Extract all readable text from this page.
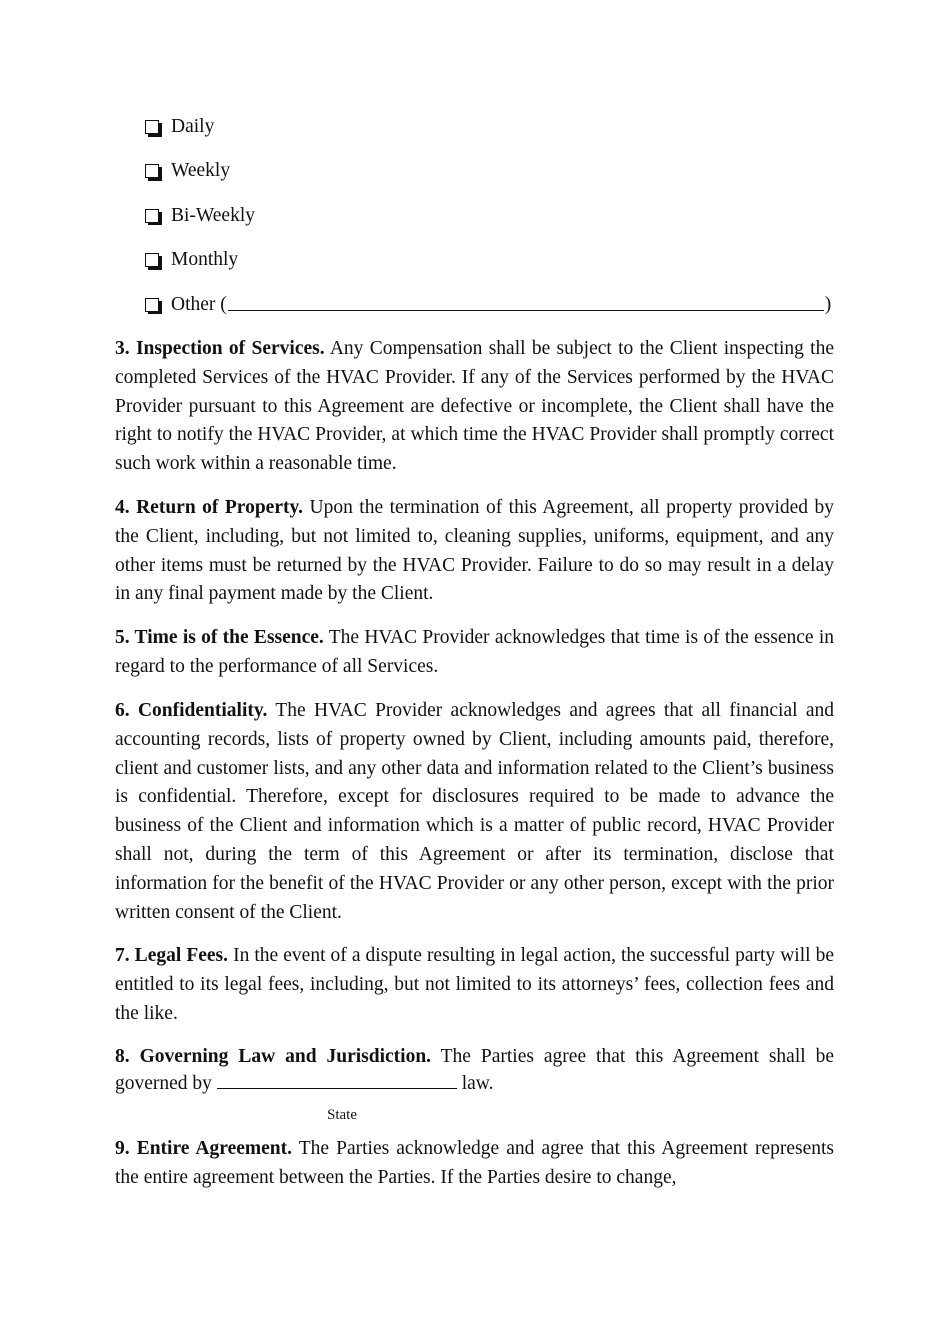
Daily
Weekly
Bi-Weekly
Monthly
Other (	)

3. Inspection of Services. Any Compensation shall be subject to the Client inspecting the completed Services of the HVAC Provider. If any of the Services performed by the HVAC Provider pursuant to this Agreement are defective or incomplete, the Client shall have the right to notify the HVAC Provider, at which time the HVAC Provider shall promptly correct such work within a reasonable time.

4. Return of Property. Upon the termination of this Agreement, all property provided by the Client, including, but not limited to, cleaning supplies, uniforms, equipment, and any other items must be returned by the HVAC Provider. Failure to do so may result in a delay in any final payment made by the Client.

5. Time is of the Essence. The HVAC Provider acknowledges that time is of the essence in regard to the performance of all Services.

6. Confidentiality. The HVAC Provider acknowledges and agrees that all financial and accounting records, lists of property owned by Client, including amounts paid, therefore, client and customer lists, and any other data and information related to the Client’s business is confidential. Therefore, except for disclosures required to be made to advance the business of the Client and information which is a matter of public record, HVAC Provider shall not, during the term of this Agreement or after its termination, disclose that information for the benefit of the HVAC Provider or any other person, except with the prior written consent of the Client.

7. Legal Fees. In the event of a dispute resulting in legal action, the successful party will be entitled to its legal fees, including, but not limited to its attorneys’ fees, collection fees and the like.

8. Governing Law and Jurisdiction. The Parties agree that this Agreement shall be
governed by	law.
State

9. Entire Agreement. The Parties acknowledge and agree that this Agreement represents the entire agreement between the Parties. If the Parties desire to change,
